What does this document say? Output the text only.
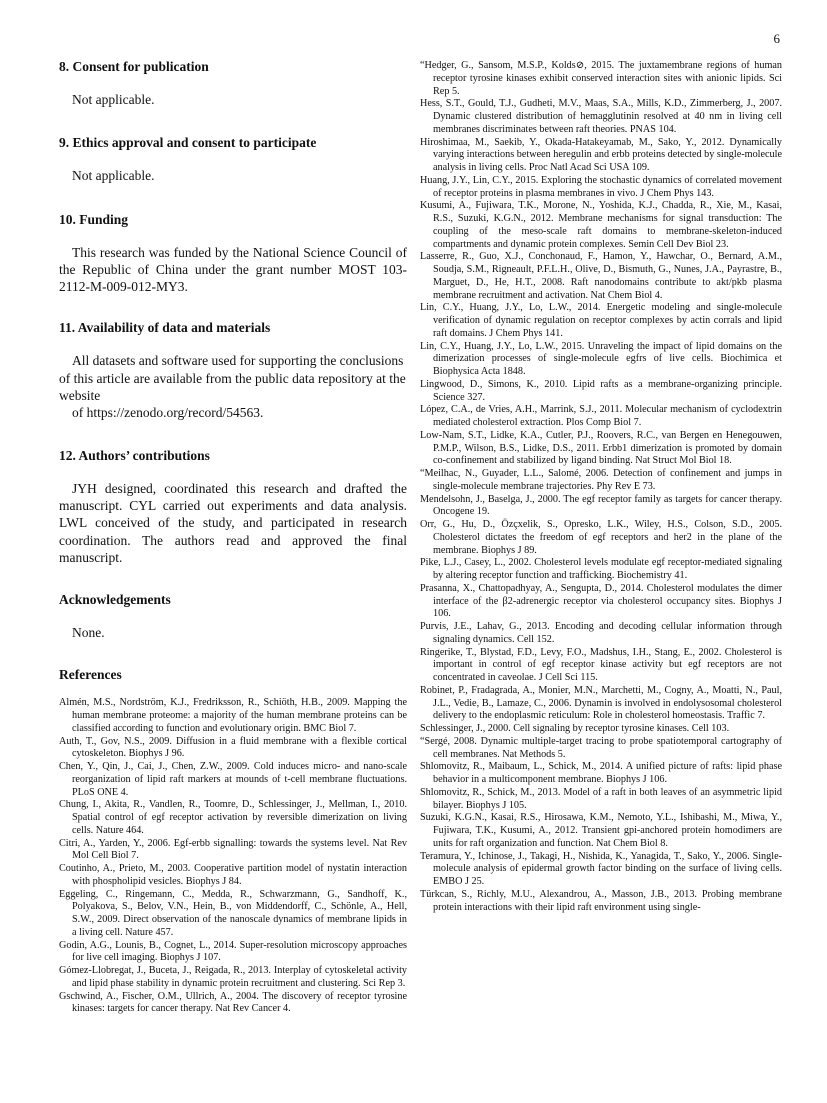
6
8. Consent for publication

Not applicable.

9. Ethics approval and consent to participate

Not applicable.

10. Funding

This research was funded by the National Science Council of the Republic of China under the grant number MOST 103-2112-M-009-012-MY3.

11. Availability of data and materials

All datasets and software used for supporting the conclusions of this article are available from the public data repository at the website

of https://zenodo.org/record/54563.

12. Authors’ contributions

JYH designed, coordinated this research and drafted the manuscript. CYL carried out experiments and data analysis. LWL conceived of the study, and participated in research coordination. The authors read and approved the final manuscript.

Acknowledgements

None.

References

Almén, M.S., Nordström, K.J., Fredriksson, R., Schiöth, H.B., 2009. Mapping the human membrane proteome: a majority of the human membrane proteins can be classified according to function and evolutionary origin. BMC Biol 7.

Auth, T., Gov, N.S., 2009. Diffusion in a fluid membrane with a flexible cortical cytoskeleton. Biophys J 96.

Chen, Y., Qin, J., Cai, J., Chen, Z.W., 2009. Cold induces micro- and nano-scale reorganization of lipid raft markers at mounds of t-cell membrane fluctuations. PLoS ONE 4.

Chung, I., Akita, R., Vandlen, R., Toomre, D., Schlessinger, J., Mellman, I., 2010. Spatial control of egf receptor activation by reversible dimerization on living cells. Nature 464.

Citri, A., Yarden, Y., 2006. Egf-erbb signalling: towards the systems level. Nat Rev Mol Cell Biol 7.

Coutinho, A., Prieto, M., 2003. Cooperative partition model of nystatin interaction with phospholipid vesicles. Biophys J 84.

Eggeling, C., Ringemann, C., Medda, R., Schwarzmann, G., Sandhoff, K., Polyakova, S., Belov, V.N., Hein, B., von Middendorff, C., Schönle, A., Hell, S.W., 2009. Direct observation of the nanoscale dynamics of membrane lipids in a living cell. Nature 457.

Godin, A.G., Lounis, B., Cognet, L., 2014. Super-resolution microscopy approaches for live cell imaging. Biophys J 107.

Gómez-Llobregat, J., Buceta, J., Reigada, R., 2013. Interplay of cytoskeletal activity and lipid phase stability in dynamic protein recruitment and clustering. Sci Rep 3.

Gschwind, A., Fischer, O.M., Ullrich, A., 2004. The discovery of receptor tyrosine kinases: targets for cancer therapy. Nat Rev Cancer 4.

“Hedger, G., Sansom, M.S.P., Kolds⊘, 2015. The juxtamembrane regions of human receptor tyrosine kinases exhibit conserved interaction sites with anionic lipids. Sci Rep 5.

Hess, S.T., Gould, T.J., Gudheti, M.V., Maas, S.A., Mills, K.D., Zimmerberg, J., 2007. Dynamic clustered distribution of hemagglutinin resolved at 40 nm in living cell membranes discriminates between raft theories. PNAS 104.

Hiroshimaa, M., Saekib, Y., Okada-Hatakeyamab, M., Sako, Y., 2012. Dynamically varying interactions between heregulin and erbb proteins detected by single-molecule analysis in living cells. Proc Natl Acad Sci USA 109.

Huang, J.Y., Lin, C.Y., 2015. Exploring the stochastic dynamics of correlated movement of receptor proteins in plasma membranes in vivo. J Chem Phys 143.

Kusumi, A., Fujiwara, T.K., Morone, N., Yoshida, K.J., Chadda, R., Xie, M., Kasai, R.S., Suzuki, K.G.N., 2012. Membrane mechanisms for signal transduction: The coupling of the meso-scale raft domains to membrane-skeleton-induced compartments and dynamic protein complexes. Semin Cell Dev Biol 23.

Lasserre, R., Guo, X.J., Conchonaud, F., Hamon, Y., Hawchar, O., Bernard, A.M., Soudja, S.M., Rigneault, P.F.L.H., Olive, D., Bismuth, G., Nunes, J.A., Payrastre, B., Marguet, D., He, H.T., 2008. Raft nanodomains contribute to akt/pkb plasma membrane recruitment and activation. Nat Chem Biol 4.

Lin, C.Y., Huang, J.Y., Lo, L.W., 2014. Energetic modeling and single-molecule verification of dynamic regulation on receptor complexes by actin corrals and lipid raft domains. J Chem Phys 141.

Lin, C.Y., Huang, J.Y., Lo, L.W., 2015. Unraveling the impact of lipid domains on the dimerization processes of single-molecule egfrs of live cells. Biochimica et Biophysica Acta 1848.

Lingwood, D., Simons, K., 2010. Lipid rafts as a membrane-organizing principle. Science 327.

López, C.A., de Vries, A.H., Marrink, S.J., 2011. Molecular mechanism of cyclodextrin mediated cholesterol extraction. Plos Comp Biol 7.

Low-Nam, S.T., Lidke, K.A., Cutler, P.J., Roovers, R.C., van Bergen en Henegouwen, P.M.P., Wilson, B.S., Lidke, D.S., 2011. Erbb1 dimerization is promoted by domain co-confinement and stabilized by ligand binding. Nat Struct Mol Biol 18.

“Meilhac, N., Guyader, L.L., Salomé, 2006. Detection of confinement and jumps in single-molecule membrane trajectories. Phy Rev E 73.

Mendelsohn, J., Baselga, J., 2000. The egf receptor family as targets for cancer therapy. Oncogene 19.

Orr, G., Hu, D., Özçxelik, S., Opresko, L.K., Wiley, H.S., Colson, S.D., 2005. Cholesterol dictates the freedom of egf receptors and her2 in the plane of the membrane. Biophys J 89.

Pike, L.J., Casey, L., 2002. Cholesterol levels modulate egf receptor-mediated signaling by altering receptor function and trafficking. Biochemistry 41.

Prasanna, X., Chattopadhyay, A., Sengupta, D., 2014. Cholesterol modulates the dimer interface of the β2-adrenergic receptor via cholesterol occupancy sites. Biophys J 106.

Purvis, J.E., Lahav, G., 2013. Encoding and decoding cellular information through signaling dynamics. Cell 152.

Ringerike, T., Blystad, F.D., Levy, F.O., Madshus, I.H., Stang, E., 2002. Cholesterol is important in control of egf receptor kinase activity but egf receptors are not concentrated in caveolae. J Cell Sci 115.

Robinet, P., Fradagrada, A., Monier, M.N., Marchetti, M., Cogny, A., Moatti, N., Paul, J.L., Vedie, B., Lamaze, C., 2006. Dynamin is involved in endolysosomal cholesterol delivery to the endoplasmic reticulum: Role in cholesterol homeostasis. Traffic 7.

Schlessinger, J., 2000. Cell signaling by receptor tyrosine kinases. Cell 103.

“Sergé, 2008. Dynamic multiple-target tracing to probe spatiotemporal cartography of cell membranes. Nat Methods 5.

Shlomovitz, R., Maibaum, L., Schick, M., 2014. A unified picture of rafts: lipid phase behavior in a multicomponent membrane. Biophys J 106.

Shlomovitz, R., Schick, M., 2013. Model of a raft in both leaves of an asymmetric lipid bilayer. Biophys J 105.

Suzuki, K.G.N., Kasai, R.S., Hirosawa, K.M., Nemoto, Y.L., Ishibashi, M., Miwa, Y., Fujiwara, T.K., Kusumi, A., 2012. Transient gpi-anchored protein homodimers are units for raft organization and function. Nat Chem Biol 8.

Teramura, Y., Ichinose, J., Takagi, H., Nishida, K., Yanagida, T., Sako, Y., 2006. Single-molecule analysis of epidermal growth factor binding on the surface of living cells. EMBO J 25.

Türkcan, S., Richly, M.U., Alexandrou, A., Masson, J.B., 2013. Probing membrane protein interactions with their lipid raft environment using single-
